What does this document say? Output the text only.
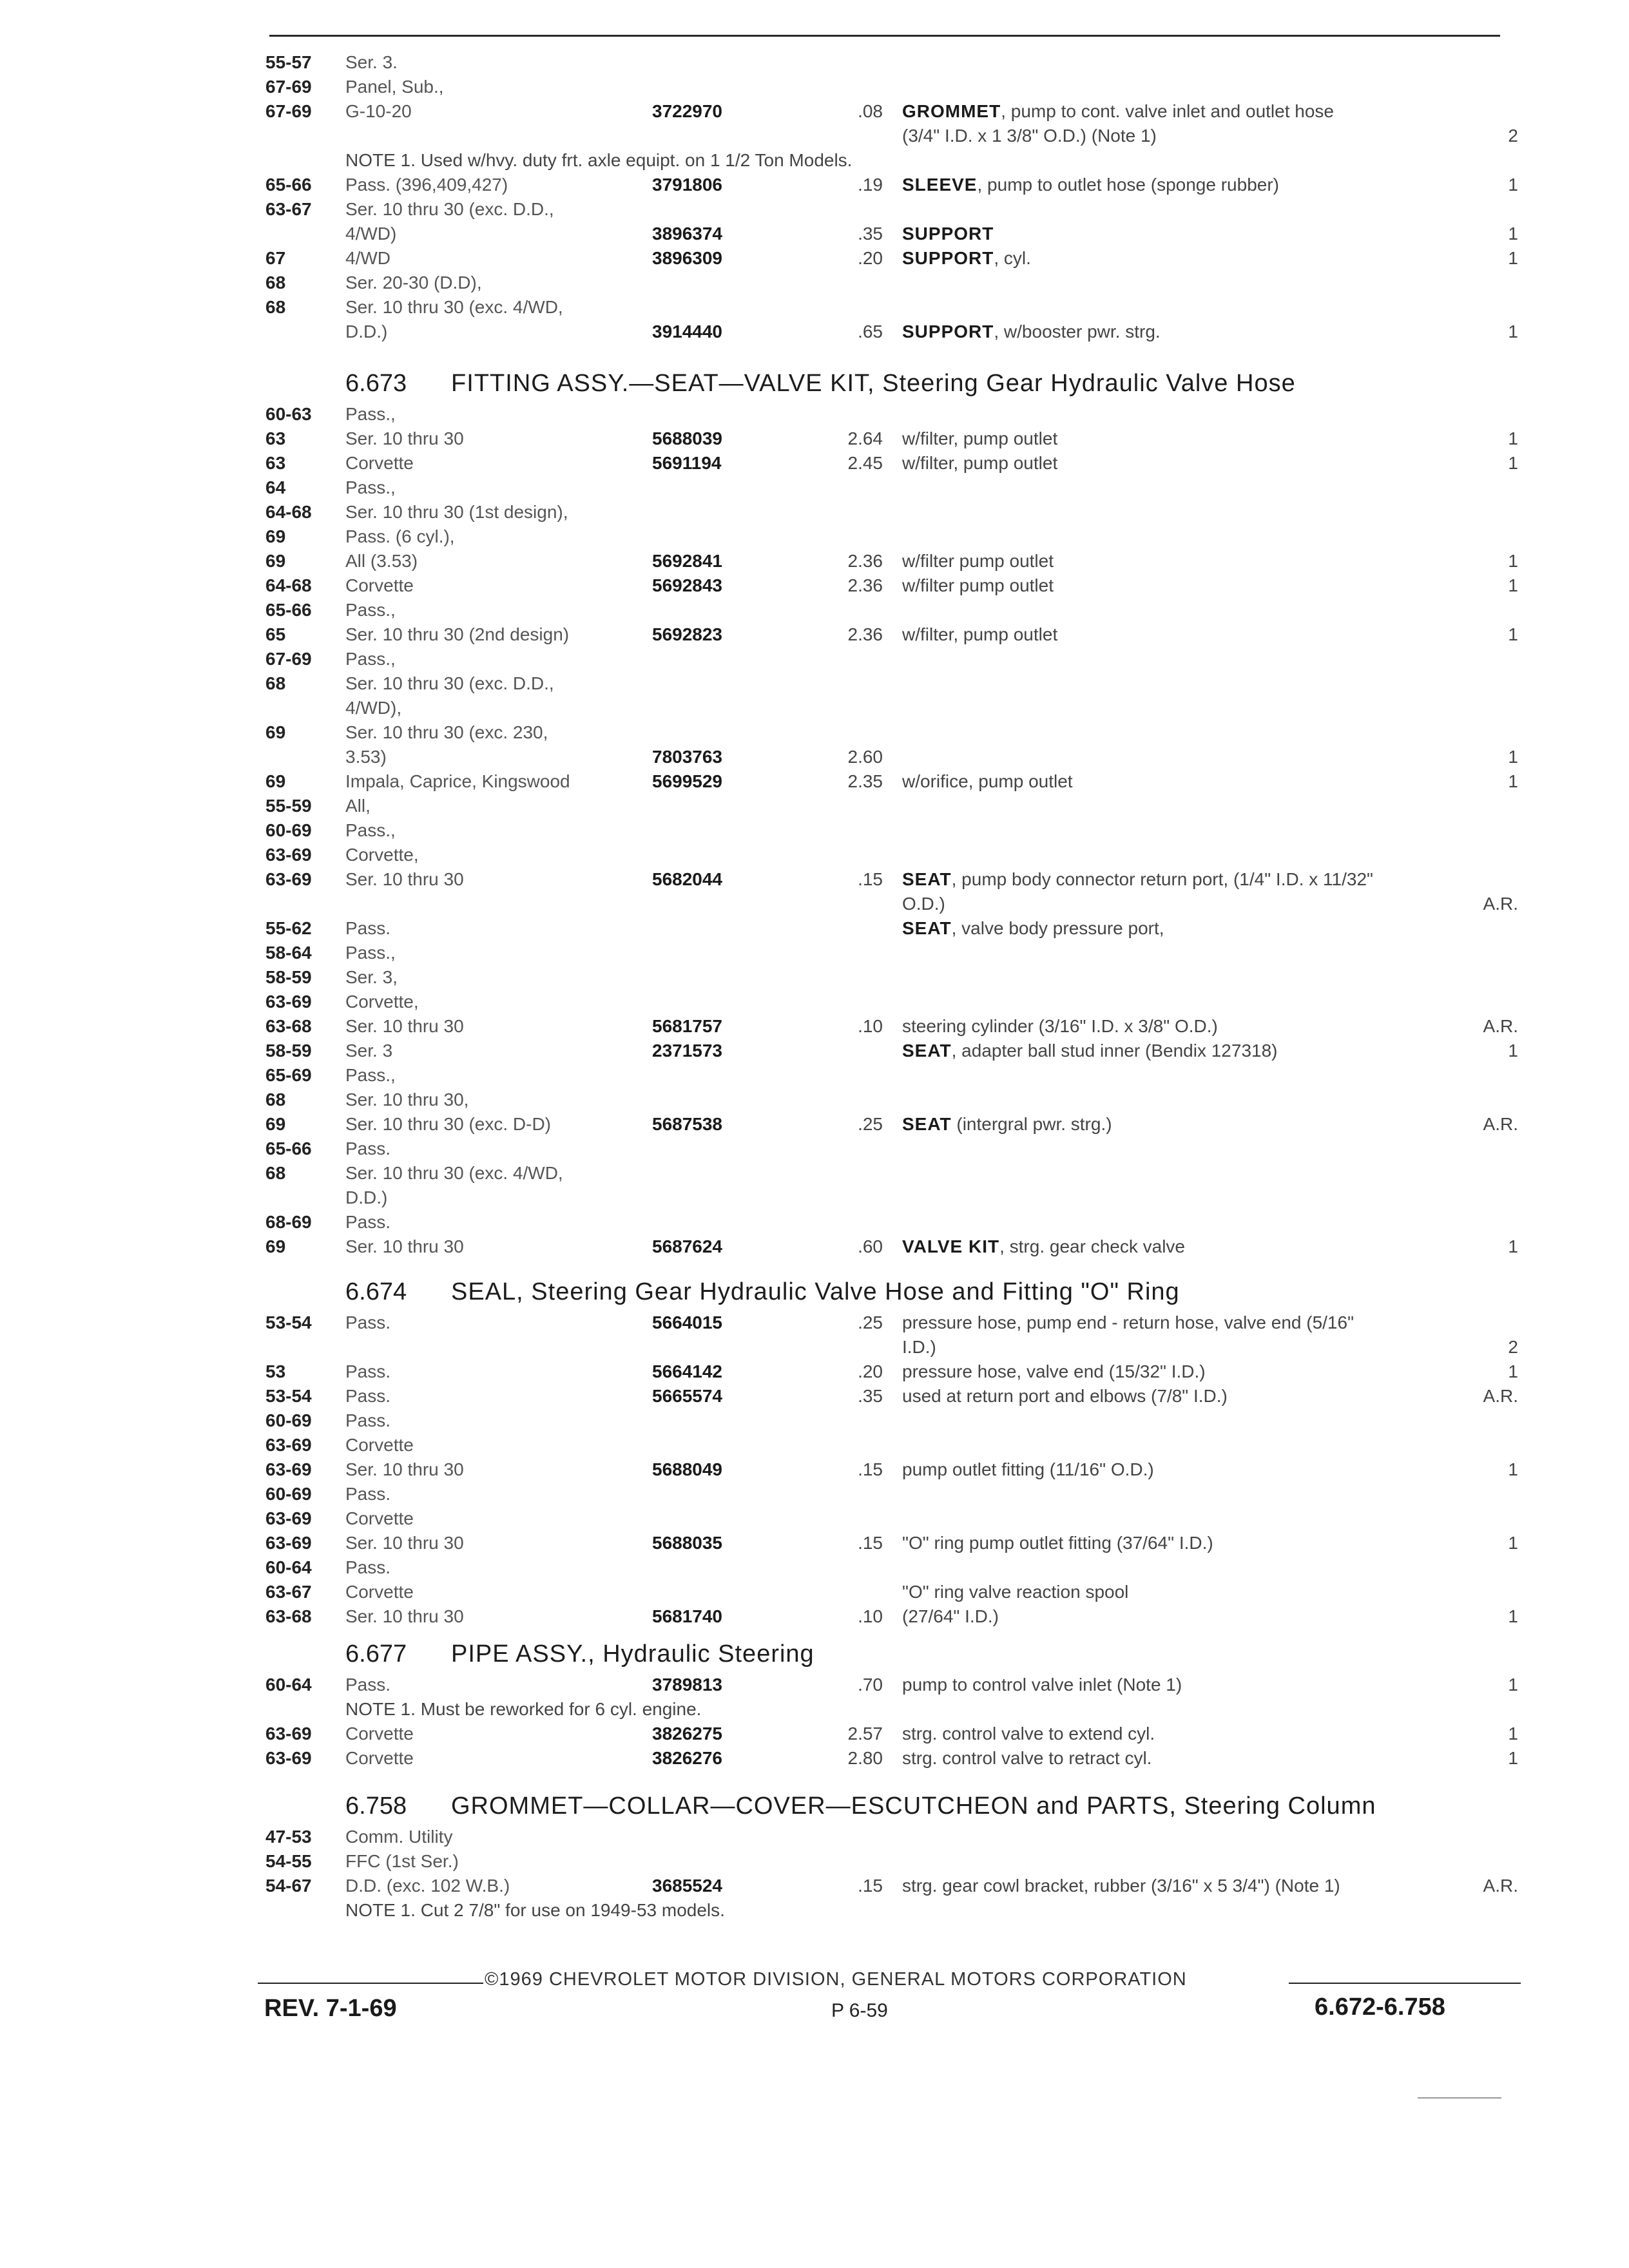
55-57 Ser. 3.
67-69 Panel, Sub.,
67-69 G-10-20	3722970	.08 GROMMET, pump to cont. valve inlet and outlet hose
(3/4" I.D. x 1 3/8" O.D.) (Note 1)	2
NOTE 1. Used w/hvy. duty frt. axle equipt. on 1 1/2 Ton Models.
65-66 Pass. (396,409,427)	3791806	.19 SLEEVE, pump to outlet hose (sponge rubber)	1
63-67 Ser. 10 thru 30 (exc. D.D.,
4/WD)	3896374	.35 SUPPORT	1
67	4/WD	3896309	.20 SUPPORT, cyl.	1
68	Ser. 20-30 (D.D),
68	Ser. 10 thru 30 (exc. 4/WD,
D.D.)	3914440	.65 SUPPORT, w/booster pwr. strg.	1
6.673 FITTING ASSY.—SEAT—VALVE KIT, Steering Gear Hydraulic Valve Hose
60-63 Pass.,
63	Ser. 10 thru 30	5688039	2.64 w/filter, pump outlet	1
63	Corvette	5691194	2.45 w/filter, pump outlet	1
64	Pass.,
64-68 Ser. 10 thru 30 (1st design),
69	Pass. (6 cyl.),
69	All (3.53)	5692841	2.36 w/filter pump outlet	1
64-68 Corvette	5692843	2.36 w/filter pump outlet	1
65-66 Pass.,
65	Ser. 10 thru 30 (2nd design)	5692823	2.36 w/filter, pump outlet	1
67-69 Pass.,
68	Ser. 10 thru 30 (exc. D.D.,
4/WD),
69	Ser. 10 thru 30 (exc. 230,
3.53)	7803763	2.60	1
69	Impala, Caprice, Kingswood	5699529	2.35 w/orifice, pump outlet	1
55-59 All,
60-69 Pass.,
63-69 Corvette,
63-69 Ser. 10 thru 30	5682044	.15 SEAT, pump body connector return port, (1/4" I.D. x 11/32"
O.D.)	A.R.
55-62 Pass.	SEAT, valve body pressure port,
58-64 Pass.,
58-59 Ser. 3,
63-69 Corvette,
63-68 Ser. 10 thru 30	5681757	.10 steering cylinder (3/16" I.D. x 3/8" O.D.)	A.R.
58-59 Ser. 3	2371573	SEAT, adapter ball stud inner (Bendix 127318)	1
65-69 Pass.,
68	Ser. 10 thru 30,
69	Ser. 10 thru 30 (exc. D-D)	5687538	.25 SEAT (intergral pwr. strg.)	A.R.
65-66 Pass.
68	Ser. 10 thru 30 (exc. 4/WD,
D.D.)
68-69 Pass.
69	Ser. 10 thru 30	5687624	.60 VALVE KIT, strg. gear check valve	1
6.674 SEAL, Steering Gear Hydraulic Valve Hose and Fitting "O" Ring
53-54 Pass.	5664015	.25 pressure hose, pump end - return hose, valve end (5/16"
I.D.)	2
53	Pass.	5664142	.20 pressure hose, valve end (15/32" I.D.)	1
53-54 Pass.	5665574	.35 used at return port and elbows (7/8" I.D.)	A.R.
60-69 Pass.
63-69 Corvette
63-69 Ser. 10 thru 30	5688049	.15 pump outlet fitting (11/16" O.D.)	1
60-69 Pass.
63-69 Corvette
63-69 Ser. 10 thru 30	5688035	.15 "O" ring pump outlet fitting (37/64" I.D.)	1
60-64 Pass.
63-67 Corvette	"O" ring valve reaction spool
63-68 Ser. 10 thru 30	5681740	.10 (27/64" I.D.)	1
6.677 PIPE ASSY., Hydraulic Steering
60-64 Pass.	3789813	.70 pump to control valve inlet (Note 1)	1
NOTE 1. Must be reworked for 6 cyl. engine.
63-69 Corvette	3826275	2.57 strg. control valve to extend cyl.	1
63-69 Corvette	3826276	2.80 strg. control valve to retract cyl.	1
6.758 GROMMET—COLLAR—COVER—ESCUTCHEON and PARTS, Steering Column
47-53 Comm. Utility
54-55 FFC (1st Ser.)
54-67 D.D. (exc. 102 W.B.)	3685524	.15 strg. gear cowl bracket, rubber (3/16" x 5 3/4") (Note 1)	A.R.
NOTE 1. Cut 2 7/8" for use on 1949-53 models.
©1969 CHEVROLET MOTOR DIVISION, GENERAL MOTORS CORPORATION
REV. 7-1-69	P 6-59	6.672-6.758
